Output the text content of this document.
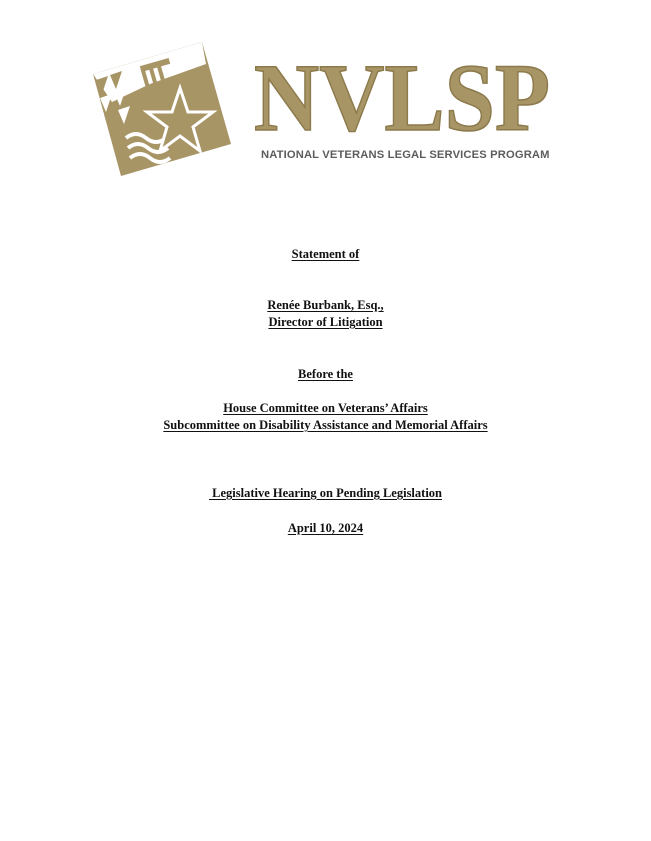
NVLSP
NATIONAL VETERANS LEGAL SERVICES PROGRAM
Statement of
Renée Burbank, Esq.,
Director of Litigation
Before the
House Committee on Veterans’ Affairs
Subcommittee on Disability Assistance and Memorial Affairs
Legislative Hearing on Pending Legislation
April 10, 2024
